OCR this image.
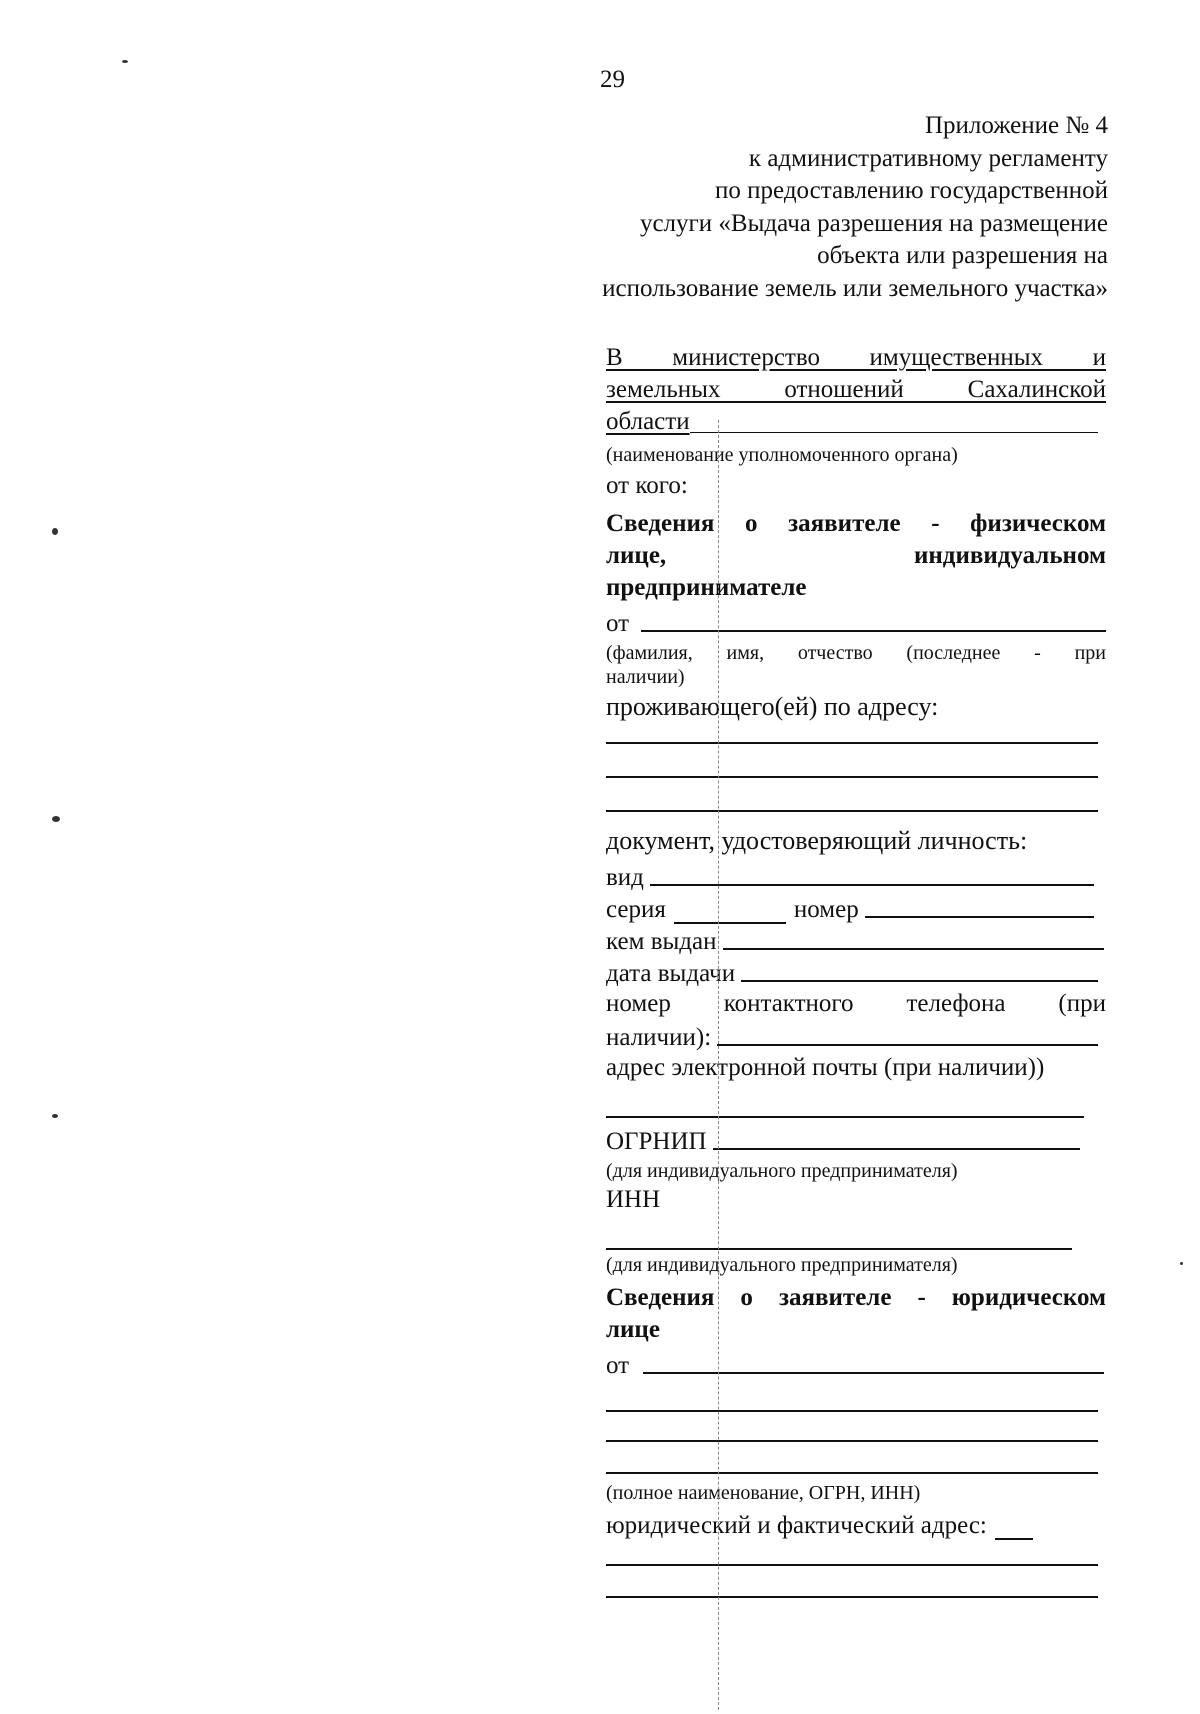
29
Приложение № 4
к административному регламенту
по предоставлению государственной
услуги «Выдача разрешения на размещение
объекта или разрешения на
использование земель или земельного участка»
В министерство имущественных и
земельных отношений Сахалинской
области
(наименование уполномоченного органа)
от кого:
Сведения о заявителе - физическом
лице, индивидуальном
предпринимателе
от
(фамилия, имя, отчество (последнее - при
наличии)
проживающего(ей) по адресу:
документ, удостоверяющий личность:
вид
серия	номер
кем выдан
дата выдачи
номер контактного телефона (при
наличии):
адрес электронной почты (при наличии))
ОГРНИП
(для индивидуального предпринимателя)
ИНН
(для индивидуального предпринимателя)
Сведения о заявителе - юридическом
лице
от
(полное наименование, ОГРН, ИНН)
юридический и фактический адрес:
